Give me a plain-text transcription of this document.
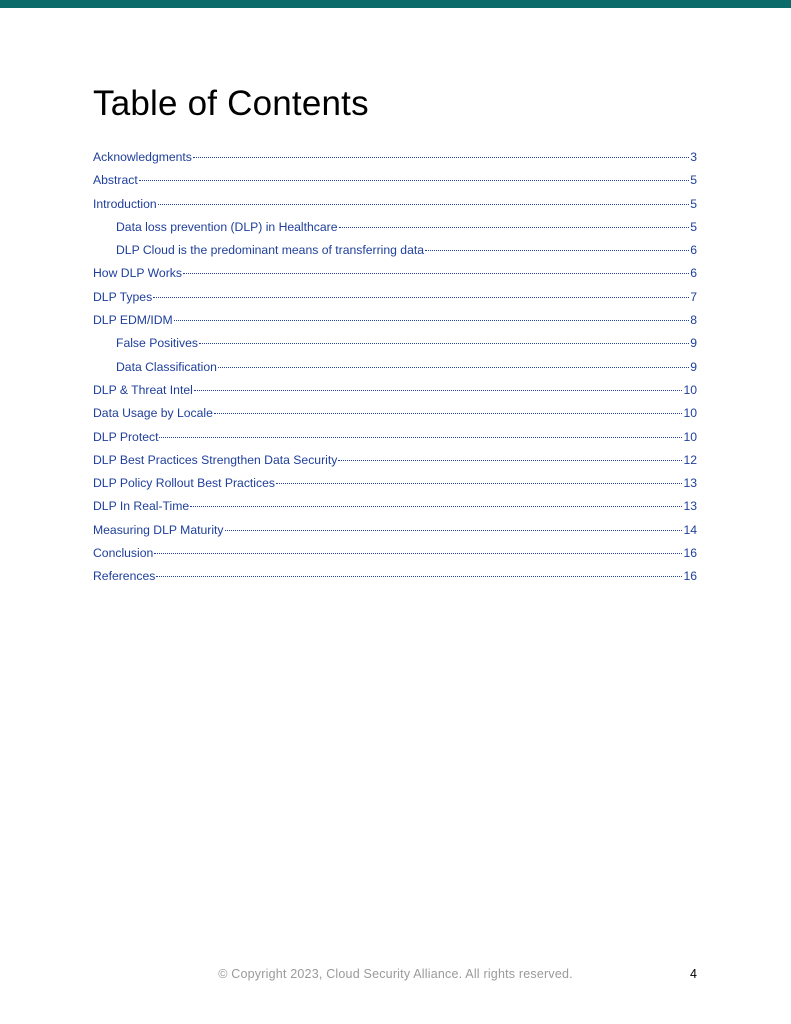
Table of Contents
Acknowledgments	3
Abstract	5
Introduction	5
Data loss prevention (DLP) in Healthcare	5
DLP Cloud is the predominant means of transferring data	6
How DLP Works	6
DLP Types	7
DLP EDM/IDM	8
False Positives	9
Data Classification	9
DLP & Threat Intel	10
Data Usage by Locale	10
DLP Protect	10
DLP Best Practices Strengthen Data Security	12
DLP Policy Rollout Best Practices	13
DLP In Real-Time	13
Measuring DLP Maturity	14
Conclusion	16
References	16
© Copyright 2023, Cloud Security Alliance. All rights reserved.	4
